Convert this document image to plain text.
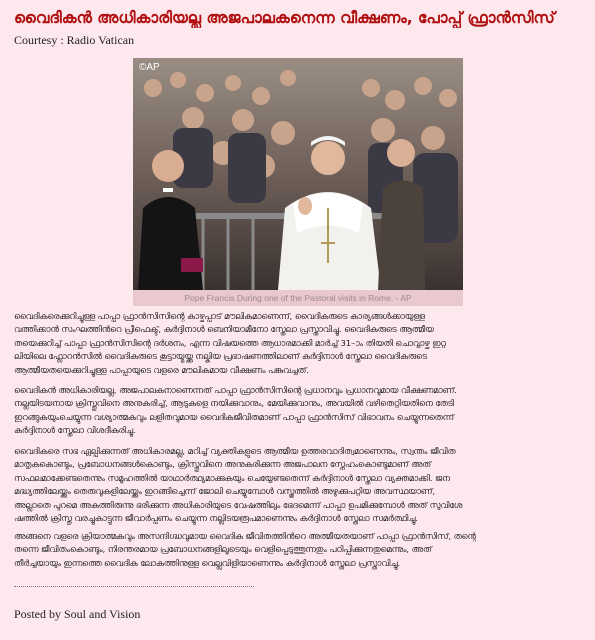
വൈദികൻ അധികാരിയല്ല അജപാലകനെന്ന വീക്ഷണം, പോപ്പ് ഫ്രാൻസിസ്
Courtesy : Radio Vatican
©AP
Pope Francis During one of the Pastoral visits in Rome. - AP
വൈദികരെക്കുറിച്ചുള്ള പാപ്പാ ഫ്രാൻസിസിന്റെ കാഴ്ചപ്പാട് മൗലികമാണെന്ന്, വൈദികരുടെ കാര്യങ്ങൾക്കായുള്ള
വത്തിക്കാൻ സംഘത്തിൻറെ പ്രീഫെക്ട്, കർദ്ദിനാൾ ബെനിയാമീനോ സ്തേലാ പ്രസ്താവിച്ചു. വൈദികരുടെ ആത്മീയ
തയെക്കുറിച്ച് പാപ്പാ ഫ്രാൻസിസിന്റെ ദർശനം, എന്ന വിഷയത്തെ ആധാരമാക്കി മാർച്ച് 31–ാം തിയതി ചൊവ്വാഴ്ച ഇറ്റ
ലിയിലെ ഫ്ലോറൻസിൽ വൈദികരുടെ കൂട്ടായ്മയ്ക്കു നല്കിയ പ്രഭാഷണത്തിലാണ് കർദ്ദിനാൾ സ്തേലാ വൈദികരുടെ
ആത്മീയതയെക്കുറിച്ചുള്ള പാപ്പായുടെ വളരെ മൗലികമായ വീക്ഷണം പങ്കുവച്ചത്.
വൈദികൻ അധികാരിയല്ല, അജപാലകനാണെന്നത് പാപ്പാ ഫ്രാൻസിസിന്റെ പ്രധാനവും പ്രധാനവുമായ വീക്ഷണമാണ്.
നല്ലയിടയനായ ക്രിസ്തുവിനെ അനുകരിച്ച്, ആടുകളെ നയിക്കുവാനും, മേയിക്കുവാനും, അവയിൽ വഴിതെറ്റിയതിനെ തേടി
ഇറങ്ങുകയുംചെയ്യുന്ന വശ്യാത്മകവും ലളിതവുമായ വൈദികജീവിതമാണ് പാപ്പാ ഫ്രാൻസിസ് വിഭാവനം ചെയ്യുന്നതെന്ന്
കർദ്ദിനാൾ സ്തേലാ വിശദീകരിച്ചു.
വൈദികരെ സഭ ഏല്പിക്കുന്നത് അധികാരമല്ല, മറിച്ച് വ്യക്തികളുടെ ആത്മീയ ഉത്തരവാദിത്വമാണെന്നും, സ്വന്തം ജീവിത
മാതൃകകൊണ്ടും, പ്രബോധനങ്ങൾകൊണ്ടും, ക്രിസ്തുവിനെ അനുകരിക്കുന്ന അജപാലന സ്നേഹംകൊണ്ടുമാണ് അത്
സഫലമാക്കേണ്ടതെന്നും സമൂഹത്തിൽ യാഥാർത്ഥ്യമാക്കുകയും ചെയ്യേണ്ടതെന്ന് കർദ്ദിനാൾ സ്തേലാ വ്യക്തമാക്കി. ജന
മദ്ധ്യത്തിലേയ്ക്കും തെരുവുകളിലേയ്ക്കും ഇറങ്ങിച്ചെന്ന് ജോലി ചെയ്യുമ്പോൾ വസ്ത്രത്തിൽ അഴുക്കുപറ്റിയ അവസ്ഥയാണ്,
അല്ലാതെ പുറമെ അകത്തിരുന്നു ഭരിക്കുന്ന അധികാരിയുടെ വേഷത്തിലും ഭേദമെന്ന് പാപ്പാ ഉപമിക്കുമ്പോൾ അത് സുവിശേ
ഷത്തിൽ ക്രിസ്തു വരച്ചുകാട്ടുന്ന ജീവാർപ്പണം ചെയ്യുന്ന നല്ലിടയരൂപമാണെന്നും കർദ്ദിനാൾ സ്തേലാ സമർത്ഥിച്ചു.
അങ്ങനെ വളരെ ക്രിയാത്മകവും അസന്ദിഗ്ദ്ധവുമായ വൈദിക ജീവിതത്തിൻറെ അത്മീയതയാണ് പാപ്പാ ഫ്രാൻസിസ്, തന്റെ
തന്നെ ജീവിതംകൊണ്ടും, നിരന്തരമായ പ്രബോധനങ്ങളിലൂടെയും വെളിപ്പെടുത്തുന്നതും പഠിപ്പിക്കുന്നതുമെന്നും, അത്
തീർച്ചയായും ഇന്നത്തെ വൈദിക ലോകത്തിനുള്ള വെല്ലുവിളിയാണെന്നും കർദ്ദിനാൾ സ്തേലാ പ്രസ്താവിച്ചു.
Posted by Soul and Vision
